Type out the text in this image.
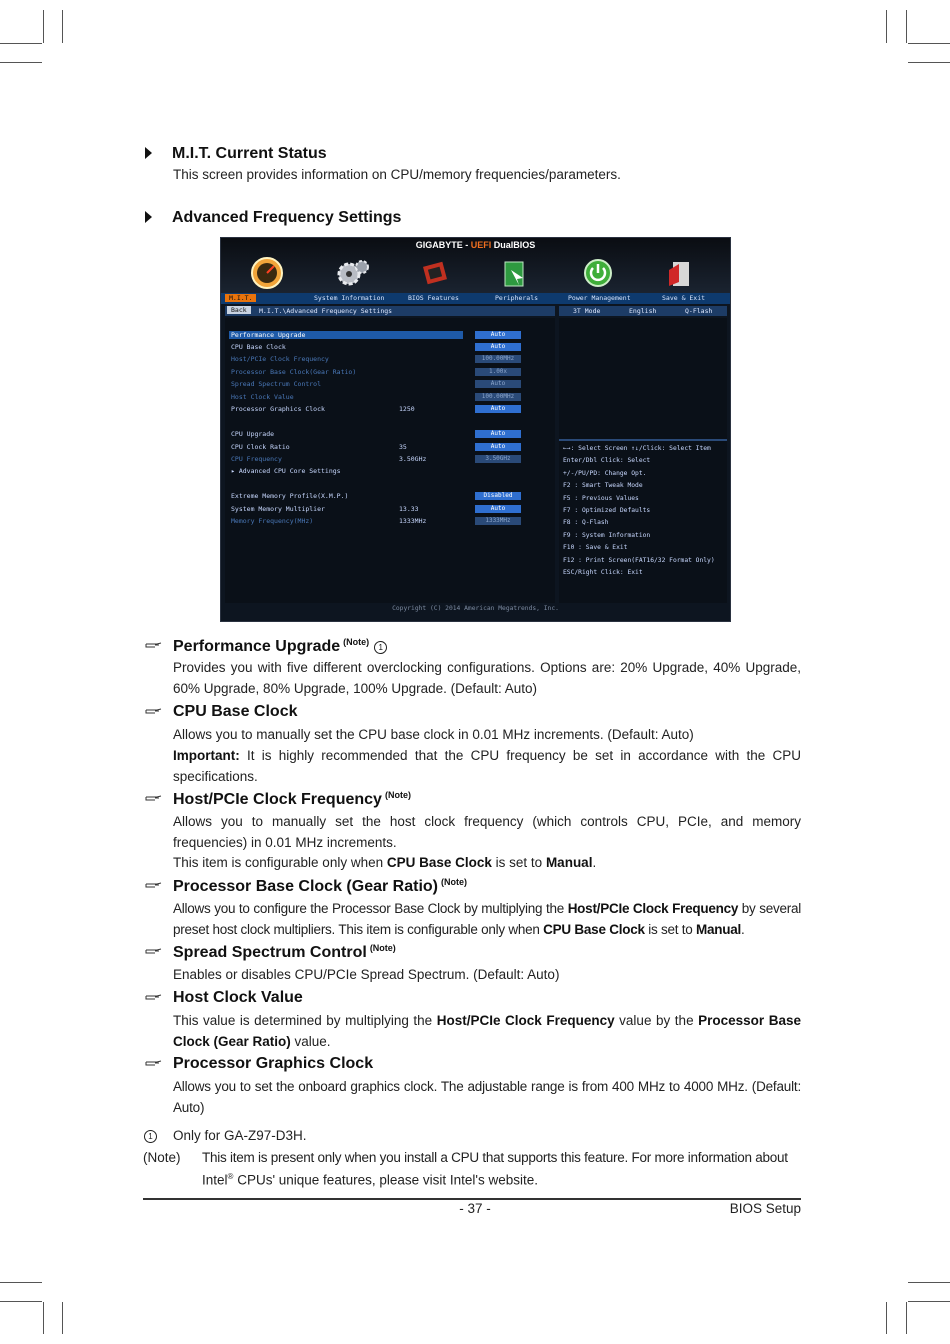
M.I.T. Current Status
This screen provides information on CPU/memory frequencies/parameters.
Advanced Frequency Settings
GIGABYTE - UEFI DualBIOS
M.I.T.	System Information	BIOS Features	Peripherals	Power Management	Save & Exit
Back	M.I.T.\Advanced Frequency Settings	3T Mode	English	Q-Flash
Performance Upgrade	Auto
CPU Base Clock	Auto
Host/PCIe Clock Frequency	100.00MHz
Processor Base Clock(Gear Ratio)	1.00x
Spread Spectrum Control	Auto
Host Clock Value	100.00MHz
Processor Graphics Clock	1250	Auto
CPU Upgrade	Auto
CPU Clock Ratio	35	Auto
CPU Frequency	3.50GHz	3.50GHz
▸ Advanced CPU Core Settings
Extreme Memory Profile(X.M.P.)	Disabled
System Memory Multiplier	13.33	Auto
Memory Frequency(MHz)	1333MHz	1333MHz
←→: Select Screen ↑↓/Click: Select Item
Enter/Dbl Click: Select
+/-/PU/PD: Change Opt.
F2 : Smart Tweak Mode
F5 : Previous Values
F7 : Optimized Defaults
F8 : Q-Flash
F9 : System Information
F10 : Save & Exit
F12 : Print Screen(FAT16/32 Format Only)
ESC/Right Click: Exit
Copyright (C) 2014 American Megatrends, Inc.
Performance Upgrade $^{(Note)}$1
Provides you with five different overclocking configurations. Options are: 20% Upgrade, 40% Upgrade, 60% Upgrade, 80% Upgrade, 100% Upgrade. (Default: Auto)
CPU Base Clock
Allows you to manually set the CPU base clock in 0.01 MHz increments. (Default: Auto)
Important: It is highly recommended that the CPU frequency be set in accordance with the CPU specifications.
Host/PCIe Clock Frequency $^{(Note)}$
Allows you to manually set the host clock frequency (which controls CPU, PCIe, and memory frequencies) in 0.01 MHz increments.
This item is configurable only when CPU Base Clock is set to Manual.
Processor Base Clock (Gear Ratio) $^{(Note)}$
Allows you to configure the Processor Base Clock by multiplying the Host/PCIe Clock Frequency by several preset host clock multipliers. This item is configurable only when CPU Base Clock is set to Manual.
Spread Spectrum Control $^{(Note)}$
Enables or disables CPU/PCIe Spread Spectrum. (Default: Auto)
Host Clock Value
This value is determined by multiplying the Host/PCIe Clock Frequency value by the Processor Base Clock (Gear Ratio) value.
Processor Graphics Clock
Allows you to set the onboard graphics clock. The adjustable range is from 400 MHz to 4000 MHz. (Default: Auto)
1	Only for GA-Z97-D3H.
(Note) This item is present only when you install a CPU that supports this feature. For more information about
Intel® CPUs' unique features, please visit Intel's website.
- 37 -	BIOS Setup
